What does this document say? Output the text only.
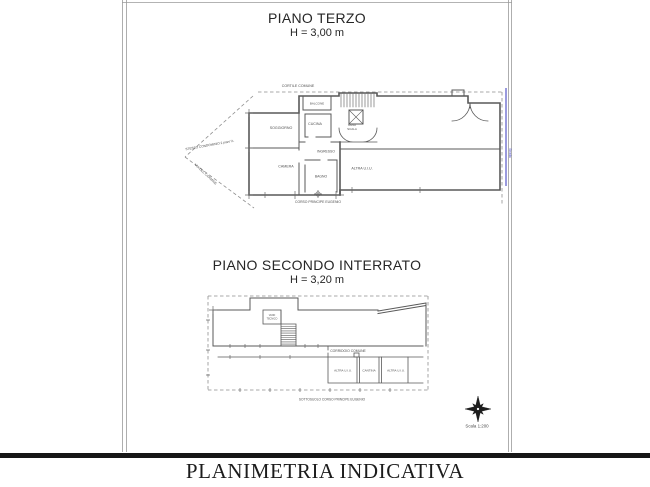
PIANO TERZO
H = 3,00 m
PIANO SECONDO INTERRATO
H = 3,20 m
PLANIMETRIA INDICATIVA
CORTILE COMUNE
BALCONE
SOGGIORNO
CUCINA	VANO
SCALA
INGRESSO
CAMERA
BAGNO
ALTRA U.I.U.
STESSO CONDOMINIO 2 piani f.t.
VIA DEL CARMINE
CORSO PRINCIPE EUGENIO
Strada
VANO
TECNICO
CORRIDOIO COMUNE
ALTRA U.I.U.	CANTINA	ALTRA U.I.U.
SOTTOSUOLO CORSO PRINCIPE EUGENIO
Scala 1:200
